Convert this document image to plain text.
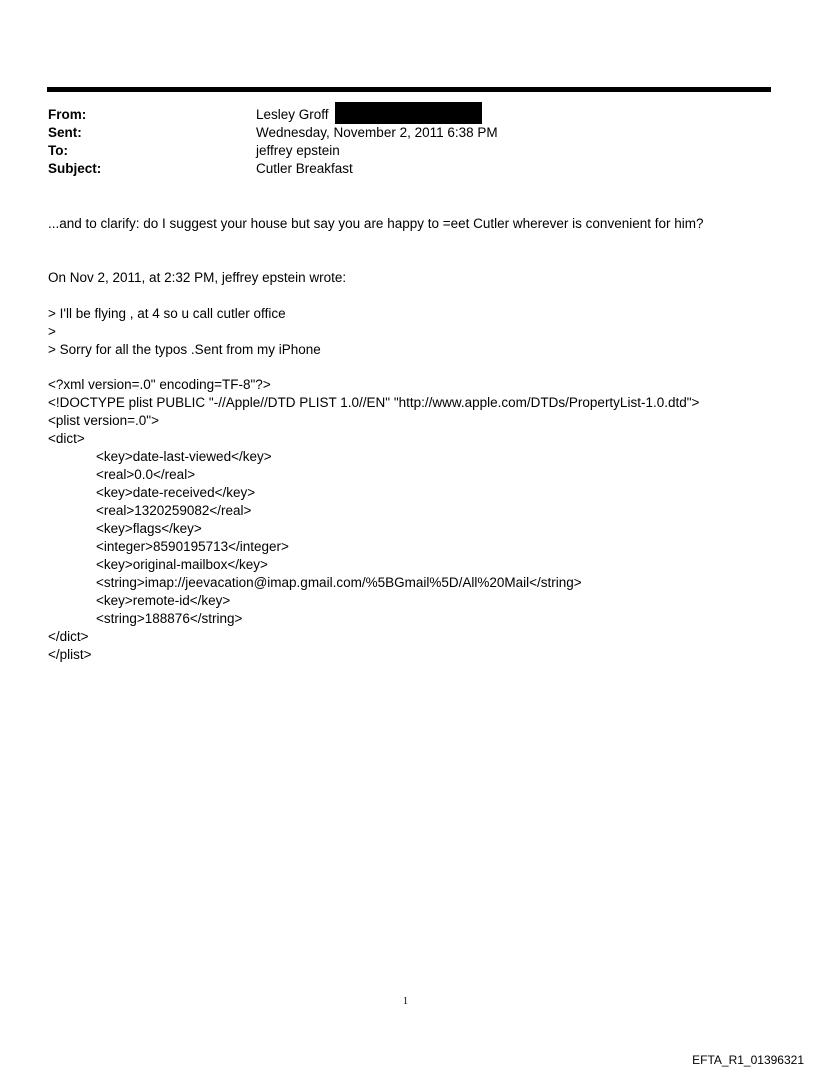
From:	Lesley Groff
Sent:	Wednesday, November 2, 2011 6:38 PM
To:	jeffrey epstein
Subject:	Cutler Breakfast
...and to clarify: do I suggest your house but say you are happy to =eet Cutler wherever is convenient for him?
On Nov 2, 2011, at 2:32 PM, jeffrey epstein wrote:
> I'll be flying , at 4 so u call cutler office
>
> Sorry for all the typos .Sent from my iPhone
<?xml version=.0" encoding=TF-8"?>
<!DOCTYPE plist PUBLIC "-//Apple//DTD PLIST 1.0//EN" "http://www.apple.com/DTDs/PropertyList-1.0.dtd">
<plist version=.0">
<dict>
<key>date-last-viewed</key>
<real>0.0</real>
<key>date-received</key>
<real>1320259082</real>
<key>flags</key>
<integer>8590195713</integer>
<key>original-mailbox</key>
<string>imap://jeevacation@imap.gmail.com/%5BGmail%5D/All%20Mail</string>
<key>remote-id</key>
<string>188876</string>
</dict>
</plist>
1
EFTA_R1_01396321
